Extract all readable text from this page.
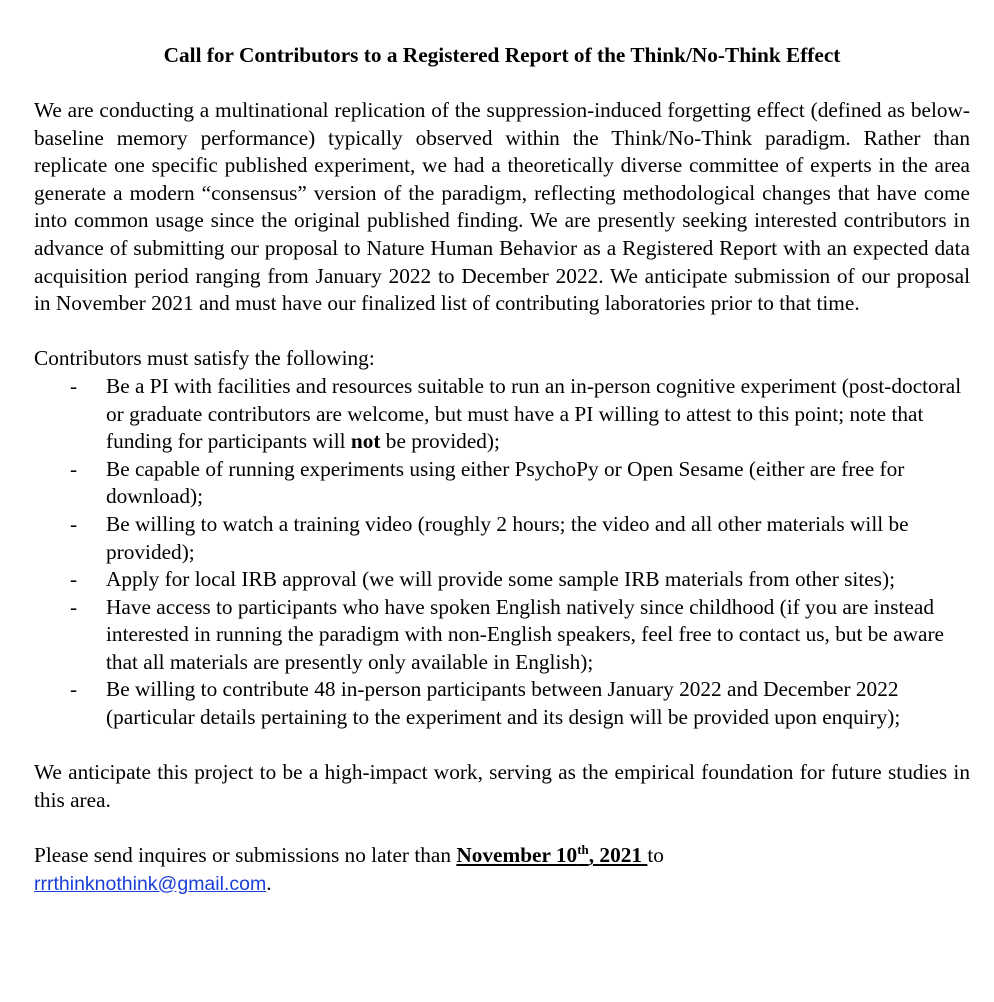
Call for Contributors to a Registered Report of the Think/No-Think Effect

We are conducting a multinational replication of the suppression-induced forgetting effect (defined as below-baseline memory performance) typically observed within the Think/No-Think paradigm. Rather than replicate one specific published experiment, we had a theoretically diverse committee of experts in the area generate a modern “consensus” version of the paradigm, reflecting methodological changes that have come into common usage since the original published finding. We are presently seeking interested contributors in advance of submitting our proposal to Nature Human Behavior as a Registered Report with an expected data acquisition period ranging from January 2022 to December 2022. We anticipate submission of our proposal in November 2021 and must have our finalized list of contributing laboratories prior to that time.

Contributors must satisfy the following:

- Be a PI with facilities and resources suitable to run an in-person cognitive experiment (post-doctoral or graduate contributors are welcome, but must have a PI willing to attest to this point; note that funding for participants will not be provided);
- Be capable of running experiments using either PsychoPy or Open Sesame (either are free for download);
- Be willing to watch a training video (roughly 2 hours; the video and all other materials will be provided);
- Apply for local IRB approval (we will provide some sample IRB materials from other sites);
- Have access to participants who have spoken English natively since childhood (if you are instead interested in running the paradigm with non-English speakers, feel free to contact us, but be aware that all materials are presently only available in English);
- Be willing to contribute 48 in-person participants between January 2022 and December 2022 (particular details pertaining to the experiment and its design will be provided upon enquiry);

We anticipate this project to be a high-impact work, serving as the empirical foundation for future studies in this area.

Please send inquires or submissions no later than November 10th, 2021 to
rrrthinknothink@gmail.com.
